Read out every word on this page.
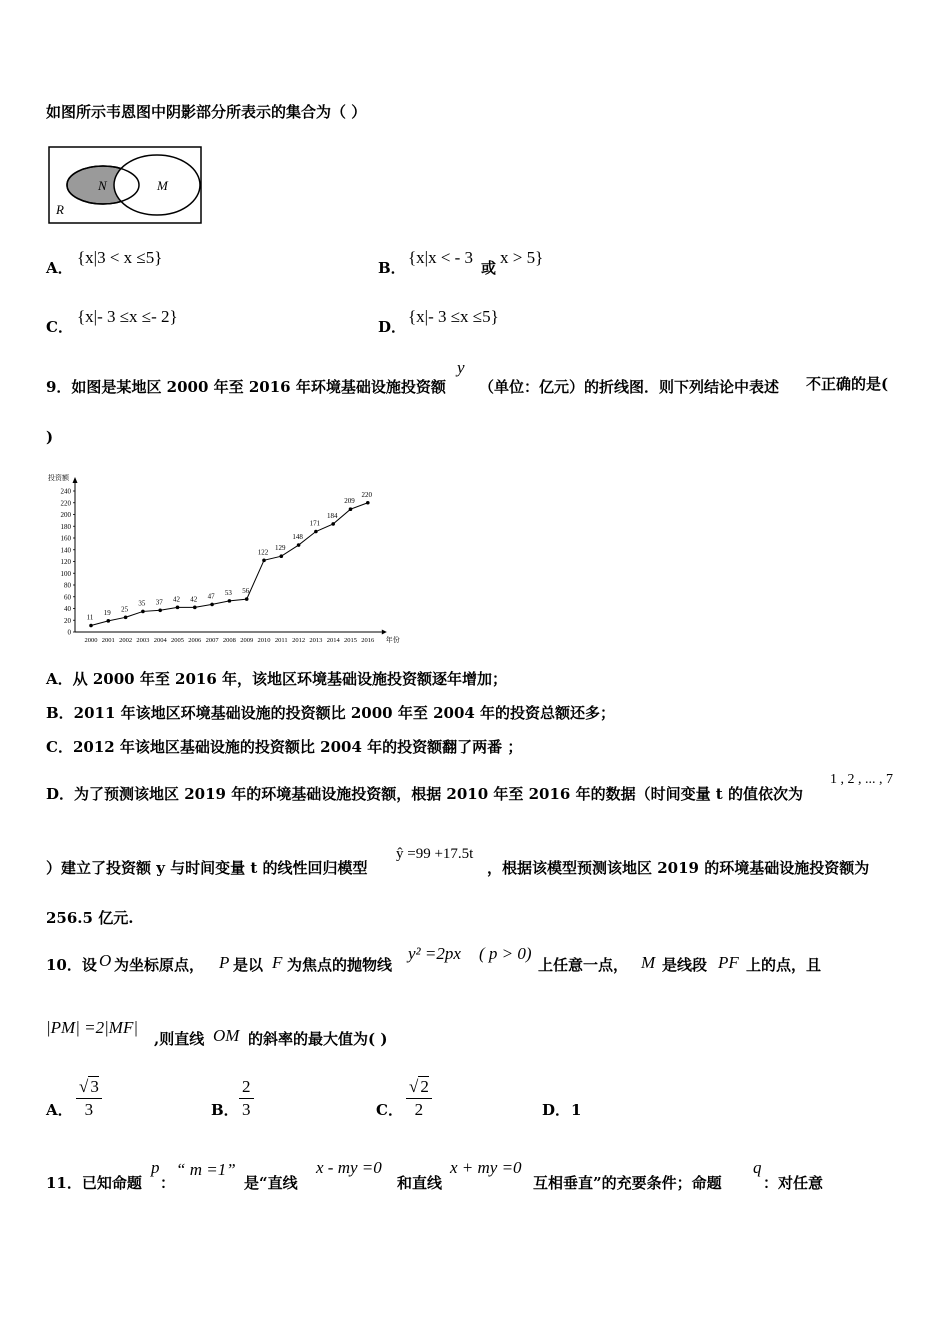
如图所示韦恩图中阴影部分所表示的集合为（ ）
N	M
R
A．
{x|3 < x ≤5}
B．
{x|x < - 3
或
x > 5}
C．
{x|- 3 ≤x ≤- 2}
D．
{x|- 3 ≤x ≤5}
9．如图是某地区 2000 年至 2016 年环境基础设施投资额
y
（单位：亿元）的折线图．则下列结论中表述 不正确的是(
)
投资额
年份
0
20
40
60
80
100
120
140
160
180
200
220
240
2000 2001 2002 2003 2004 2005 2006 2007 2008 2009 2010 2011 2012 2013 2014 2015 2016
11
19 25
35 37 42 42 47 53 56
122
129
148
171
184
209
220
A．从 2000 年至 2016 年，该地区环境基础设施投资额逐年增加；
B．2011 年该地区环境基础设施的投资额比 2000 年至 2004 年的投资总额还多；
C．2012 年该地区基础设施的投资额比 2004 年的投资额翻了两番 ；
D．为了预测该地区 2019 年的环境基础设施投资额，根据 2010 年至 2016 年的数据（时间变量 t 的值依次为
1 , 2 , ... , 7
）建立了投资额 y 与时间变量 t 的线性回归模型
ŷ =99 +17.5t
，根据该模型预测该地区 2019 的环境基础设施投资额为
256.5 亿元.
10．设 O 为坐标原点， P 是以 F 为焦点的抛物线
y² =2px ( p > 0)
上任意一点， M 是线段 PF 上的点，且
|PM| =2|MF|
,则直线 OM 的斜率的最大值为( )
A． $\frac{√ 3}{3}$	B． $\frac{2}{3}$	C． $\frac{√ 2}{2}$	D． 1
11．已知命题
p
：
“ m =1”
是“直线
x - my =0
和直线
x + my =0
互相垂直”的充要条件；命题
q
：对任意
